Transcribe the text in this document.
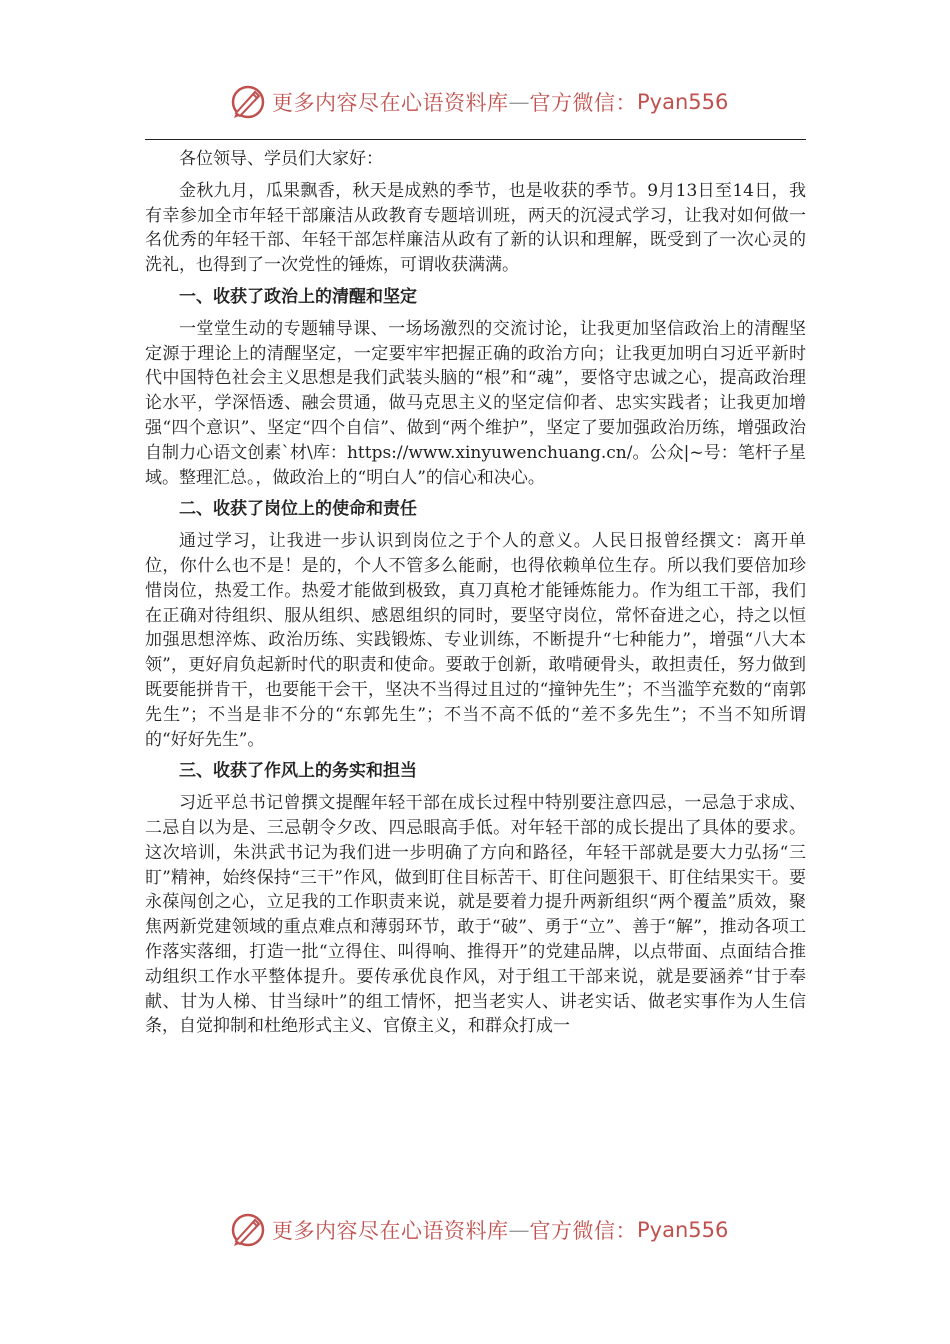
更多内容尽在心语资料库 — 官方微信： Pyan556

各位领导、学员们大家好：

金秋九月，瓜果飘香，秋天是成熟的季节，也是收获的季节。9月13日至14日，我有幸参加全市年轻干部廉洁从政教育专题培训班，两天的沉浸式学习，让我对如何做一名优秀的年轻干部、年轻干部怎样廉洁从政有了新的认识和理解，既受到了一次心灵的洗礼，也得到了一次党性的锤炼，可谓收获满满。

一、收获了政治上的清醒和坚定

一堂堂生动的专题辅导课、一场场激烈的交流讨论，让我更加坚信政治上的清醒坚定源于理论上的清醒坚定，一定要牢牢把握正确的政治方向；让我更加明白习近平新时代中国特色社会主义思想是我们武装头脑的“根”和“魂”，要恪守忠诚之心，提高政治理论水平，学深悟透、融会贯通，做马克思主义的坚定信仰者、忠实实践者；让我更加增强“四个意识”、坚定“四个自信”、做到“两个维护”，坚定了要加强政治历练，增强政治自制力心语文创素`材\库：https://www.xinyuwenchuang.cn/。公众|~号：笔杆子星域。整理汇总。，做政治上的“明白人”的信心和决心。

二、收获了岗位上的使命和责任

通过学习，让我进一步认识到岗位之于个人的意义。人民日报曾经撰文：离开单位，你什么也不是！是的，个人不管多么能耐，也得依赖单位生存。所以我们要倍加珍惜岗位，热爱工作。热爱才能做到极致，真刀真枪才能锤炼能力。作为组工干部，我们在正确对待组织、服从组织、感恩组织的同时，要坚守岗位，常怀奋进之心，持之以恒加强思想淬炼、政治历练、实践锻炼、专业训练，不断提升“七种能力”，增强“八大本领”，更好肩负起新时代的职责和使命。要敢于创新，敢啃硬骨头，敢担责任，努力做到既要能拼肯干，也要能干会干，坚决不当得过且过的“撞钟先生”；不当滥竽充数的“南郭先生”；不当是非不分的“东郭先生”；不当不高不低的“差不多先生”；不当不知所谓的“好好先生”。

三、收获了作风上的务实和担当

习近平总书记曾撰文提醒年轻干部在成长过程中特别要注意四忌，一忌急于求成、二忌自以为是、三忌朝令夕改、四忌眼高手低。对年轻干部的成长提出了具体的要求。这次培训，朱洪武书记为我们进一步明确了方向和路径，年轻干部就是要大力弘扬“三盯”精神，始终保持“三干”作风，做到盯住目标苦干、盯住问题狠干、盯住结果实干。要永葆闯创之心，立足我的工作职责来说，就是要着力提升两新组织“两个覆盖”质效，聚焦两新党建领域的重点难点和薄弱环节，敢于“破”、勇于“立”、善于“解”，推动各项工作落实落细，打造一批“立得住、叫得响、推得开”的党建品牌，以点带面、点面结合推动组织工作水平整体提升。要传承优良作风，对于组工干部来说，就是要涵养“甘于奉献、甘为人梯、甘当绿叶”的组工情怀，把当老实人、讲老实话、做老实事作为人生信条，自觉抑制和杜绝形式主义、官僚主义，和群众打成一

更多内容尽在心语资料库 — 官方微信： Pyan556
